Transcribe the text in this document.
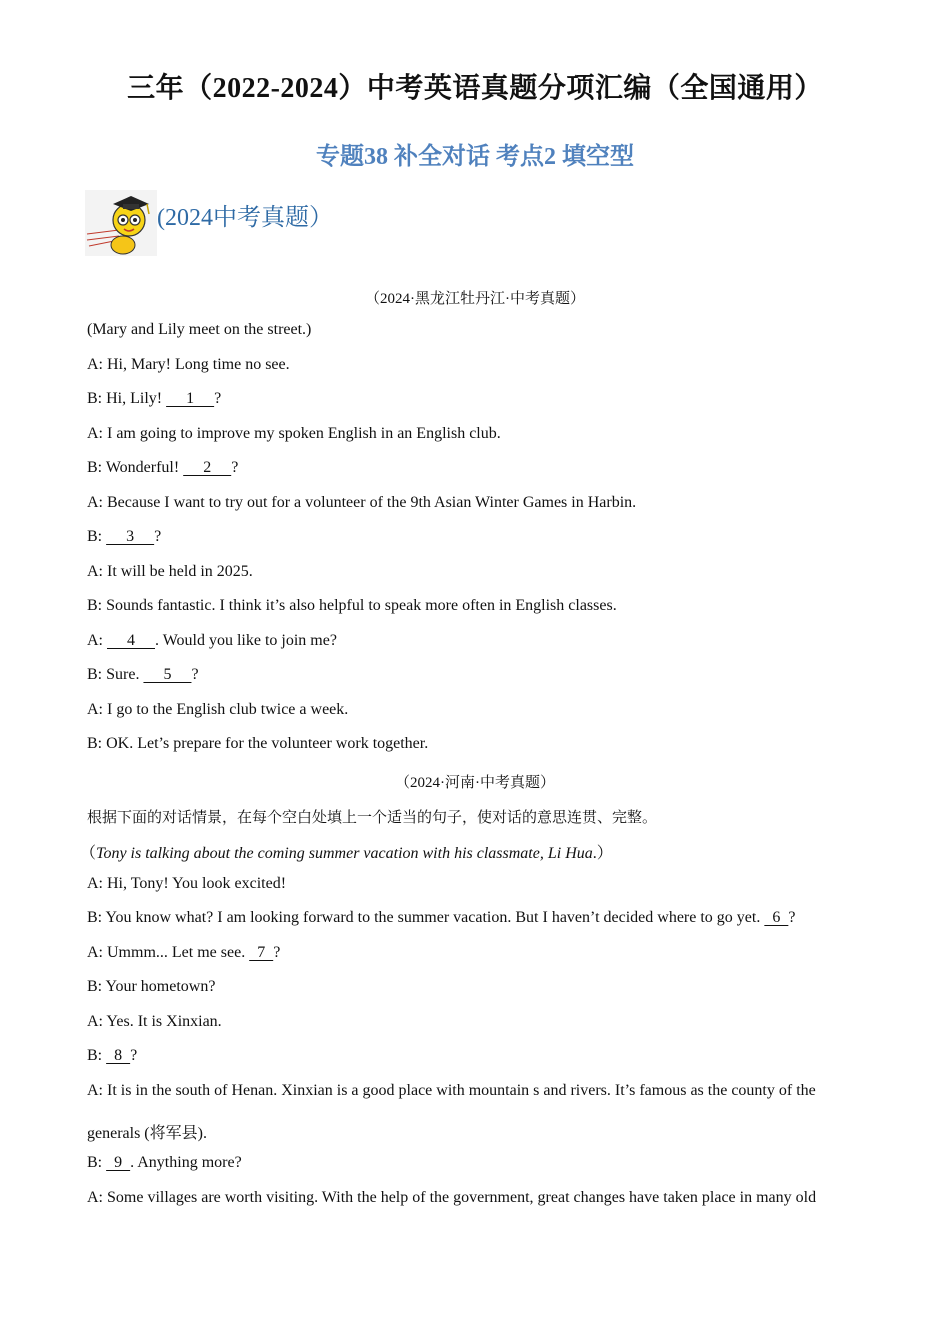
三年（2022-2024）中考英语真题分项汇编（全国通用）
专题38 补全对话 考点2 填空型
(2024中考真题）
（2024·黑龙江牡丹江·中考真题）
(Mary and Lily meet on the street.)
A: Hi, Mary! Long time no see.
B: Hi, Lily!      1     ?
A: I am going to improve my spoken English in an English club.
B: Wonderful!      2     ?
A: Because I want to try out for a volunteer of the 9th Asian Winter Games in Harbin.
B:      3     ?
A: It will be held in 2025.
B: Sounds fantastic. I think it’s also helpful to speak more often in English classes.
A:      4     . Would you like to join me?
B: Sure.      5     ?
A: I go to the English club twice a week.
B: OK. Let’s prepare for the volunteer work together.
（2024·河南·中考真题）
根据下面的对话情景，在每个空白处填上一个适当的句子，使对话的意思连贯、完整。
（Tony is talking about the coming summer vacation with his classmate, Li Hua.）
A: Hi, Tony! You look excited!
B: You know what? I am looking forward to the summer vacation. But I haven’t decided where to go yet.   6  ?
A: Ummm... Let me see.   7  ?
B: Your hometown?
A: Yes. It is Xinxian.
B:   8  ?
A: It is in the south of Henan. Xinxian is a good place with mountain s and rivers. It’s famous as the county of the
generals (将军县).
B:   9  . Anything more?
A: Some villages are worth visiting. With the help of the government, great changes have taken place in many old
